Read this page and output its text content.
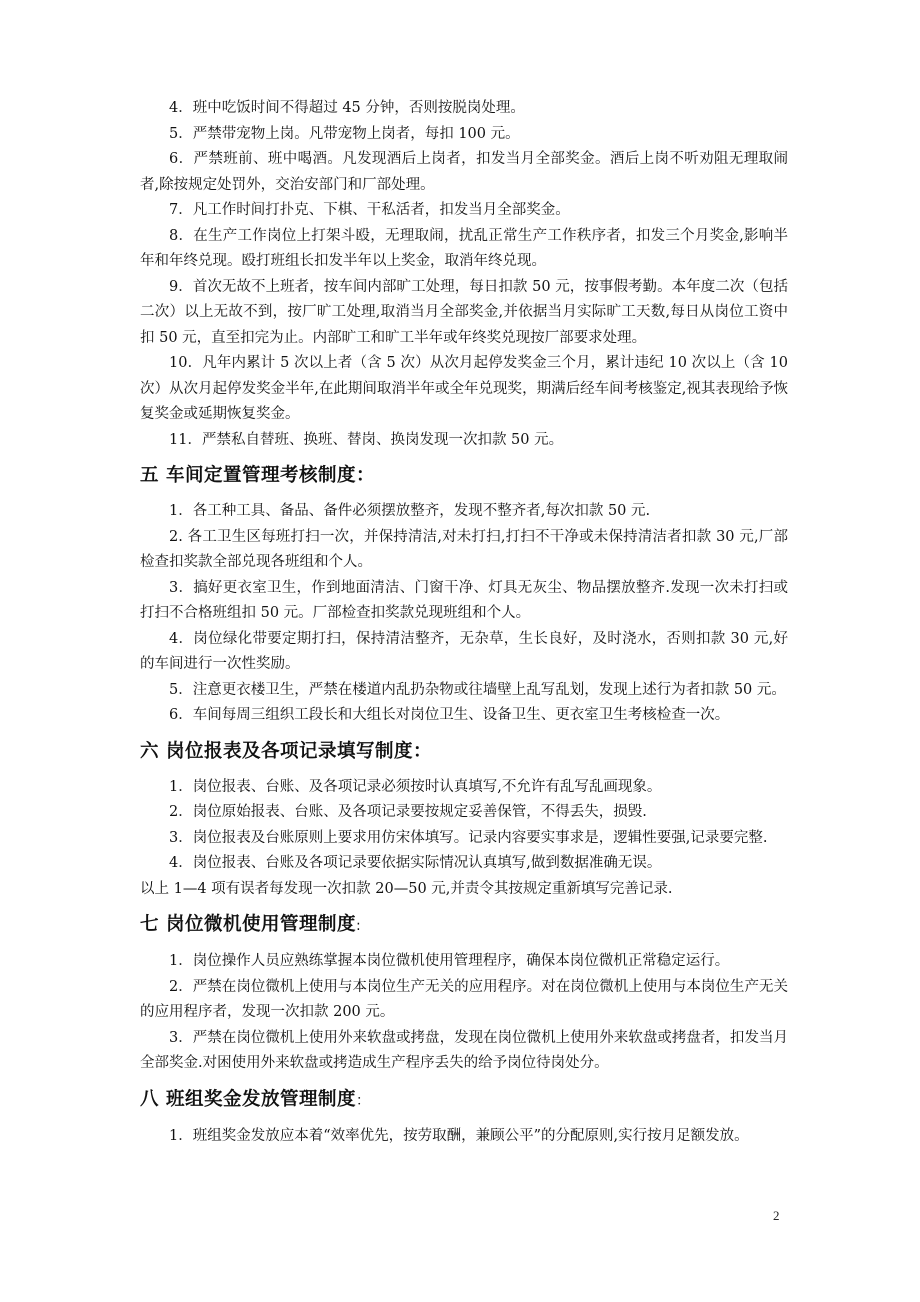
4．班中吃饭时间不得超过 45 分钟，否则按脱岗处理。

5．严禁带宠物上岗。凡带宠物上岗者，每扣 100 元。

6．严禁班前、班中喝酒。凡发现酒后上岗者，扣发当月全部奖金。酒后上岗不听劝阻无理取闹者,除按规定处罚外，交治安部门和厂部处理。

7．凡工作时间打扑克、下棋、干私活者，扣发当月全部奖金。

8．在生产工作岗位上打架斗殴，无理取闹，扰乱正常生产工作秩序者，扣发三个月奖金,影响半年和年终兑现。殴打班组长扣发半年以上奖金，取消年终兑现。

9．首次无故不上班者，按车间内部旷工处理，每日扣款 50 元，按事假考勤。本年度二次（包括二次）以上无故不到，按厂旷工处理,取消当月全部奖金,并依据当月实际旷工天数,每日从岗位工资中扣 50 元，直至扣完为止。内部旷工和旷工半年或年终奖兑现按厂部要求处理。

10．凡年内累计 5 次以上者（含 5 次）从次月起停发奖金三个月，累计违纪 10 次以上（含 10 次）从次月起停发奖金半年,在此期间取消半年或全年兑现奖，期满后经车间考核鉴定,视其表现给予恢复奖金或延期恢复奖金。

11．严禁私自替班、换班、替岗、换岗发现一次扣款 50 元。

五 车间定置管理考核制度：

1．各工种工具、备品、备件必须摆放整齐，发现不整齐者,每次扣款 50 元.

2. 各工卫生区每班打扫一次，并保持清洁,对未打扫,打扫不干净或未保持清洁者扣款 30 元,厂部检查扣奖款全部兑现各班组和个人。

3．搞好更衣室卫生，作到地面清洁、门窗干净、灯具无灰尘、物品摆放整齐.发现一次未打扫或打扫不合格班组扣 50 元。厂部检查扣奖款兑现班组和个人。

4．岗位绿化带要定期打扫，保持清洁整齐，无杂草，生长良好，及时浇水，否则扣款 30 元,好的车间进行一次性奖励。

5．注意更衣楼卫生，严禁在楼道内乱扔杂物或往墙壁上乱写乱划，发现上述行为者扣款 50 元。

6．车间每周三组织工段长和大组长对岗位卫生、设备卫生、更衣室卫生考核检查一次。

六 岗位报表及各项记录填写制度：

1．岗位报表、台账、及各项记录必须按时认真填写,不允许有乱写乱画现象。

2．岗位原始报表、台账、及各项记录要按规定妥善保管，不得丢失，损毁.

3．岗位报表及台账原则上要求用仿宋体填写。记录内容要实事求是，逻辑性要强,记录要完整.

4．岗位报表、台账及各项记录要依据实际情况认真填写,做到数据准确无误。

以上 1—4 项有误者每发现一次扣款 20—50 元,并责令其按规定重新填写完善记录.

七 岗位微机使用管理制度:

1．岗位操作人员应熟练掌握本岗位微机使用管理程序，确保本岗位微机正常稳定运行。

2．严禁在岗位微机上使用与本岗位生产无关的应用程序。对在岗位微机上使用与本岗位生产无关的应用程序者，发现一次扣款 200 元。

3．严禁在岗位微机上使用外来软盘或拷盘，发现在岗位微机上使用外来软盘或拷盘者，扣发当月全部奖金.对困使用外来软盘或拷造成生产程序丢失的给予岗位待岗处分。

八 班组奖金发放管理制度：

1．班组奖金发放应本着“效率优先，按劳取酬，兼顾公平”的分配原则,实行按月足额发放。

2
